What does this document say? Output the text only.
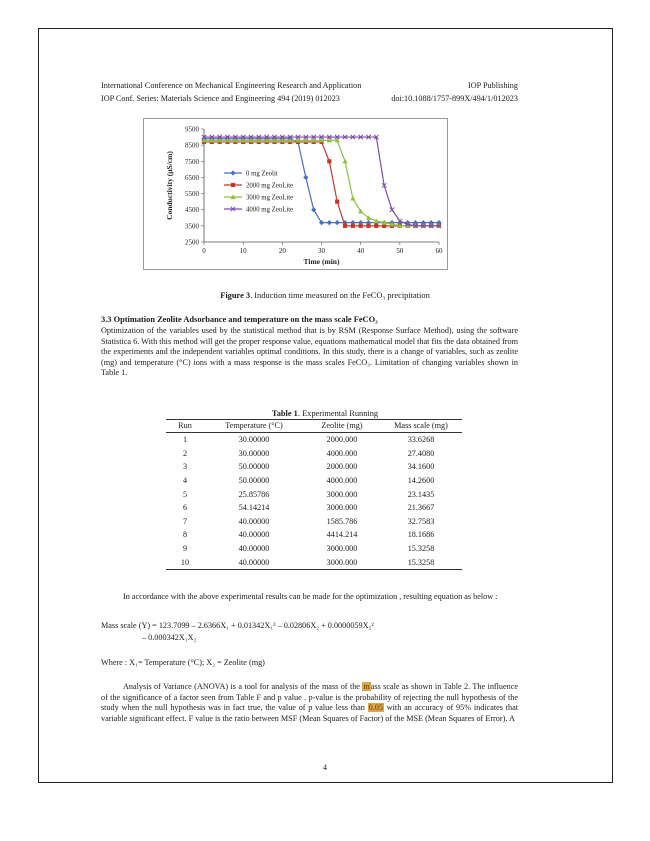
International Conference on Mechanical Engineering Research and Application	IOP Publishing
IOP Conf. Series: Materials Science and Engineering 494 (2019) 012023	doi:10.1088/1757-899X/494/1/012023
2500
3500
4500
5500
6500
7500
8500
9500
0	10	20	30	40	50	60
Time (min)
Conductivity (µS/cm)	0 mg Zeolit
2000 mg ZeoLite
3000 mg ZeoLite
4000 mg ZeoLite
Figure 3. Induction time measured on the FeCO₃ precipitation
3.3 Optimation Zeolite Adsorbance and temperature on the mass scale FeCO₃
Optimization of the variables used by the statistical method that is by RSM (Response Surface Method), using the software Statistica 6. With this method will get the proper response value, equations mathematical model that fits the data obtained from the experiments and the independent variables optimal conditions. In this study, there is a change of variables, such as zeolite (mg) and temperature (°C) ions with a mass response is the mass scales FeCO₃. Limitation of changing variables shown in Table 1.
Table 1. Experimental Running
Run	Temperature (°C)	Zeolite (mg)	Mass scale (mg)
1	30.00000	2000.000	33.6268
2	30.00000	4000.000	27.4080
3	50.00000	2000.000	34.1600
4	50.00000	4000.000	14.2600
5	25.85786	3000.000	23.1435
6	54.14214	3000.000	21.3667
7	40.00000	1585.786	32.7583
8	40.00000	4414.214	18.1686
9	40.00000	3000.000	15.3258
10	40.00000	3000.000	15.3258
In accordance with the above experimental results can be made for the optimization , resulting equation as below :
Mass scale (Y) = 123.7099 – 2.6366X₁ + 0.01342X₁² – 0.02806X₂ + 0.0000059X₂²
– 0.000342X₁X₂
Where : X₁= Temperature (°C); X₂ = Zeolite (mg)
Analysis of Variance (ANOVA) is a tool for analysis of the mass of the mass scale as shown in Table 2. The influence of the significance of a factor seen from Table F and p value . p-value is the probability of rejecting the null hypothesis of the study when the null hypothesis was in fact true, the value of p value less than 0.05 with an accuracy of 95% indicates that variable significant effect. F value is the ratio between MSF (Mean Squares of Factor) of the MSE (Mean Squares of Error). A
4
